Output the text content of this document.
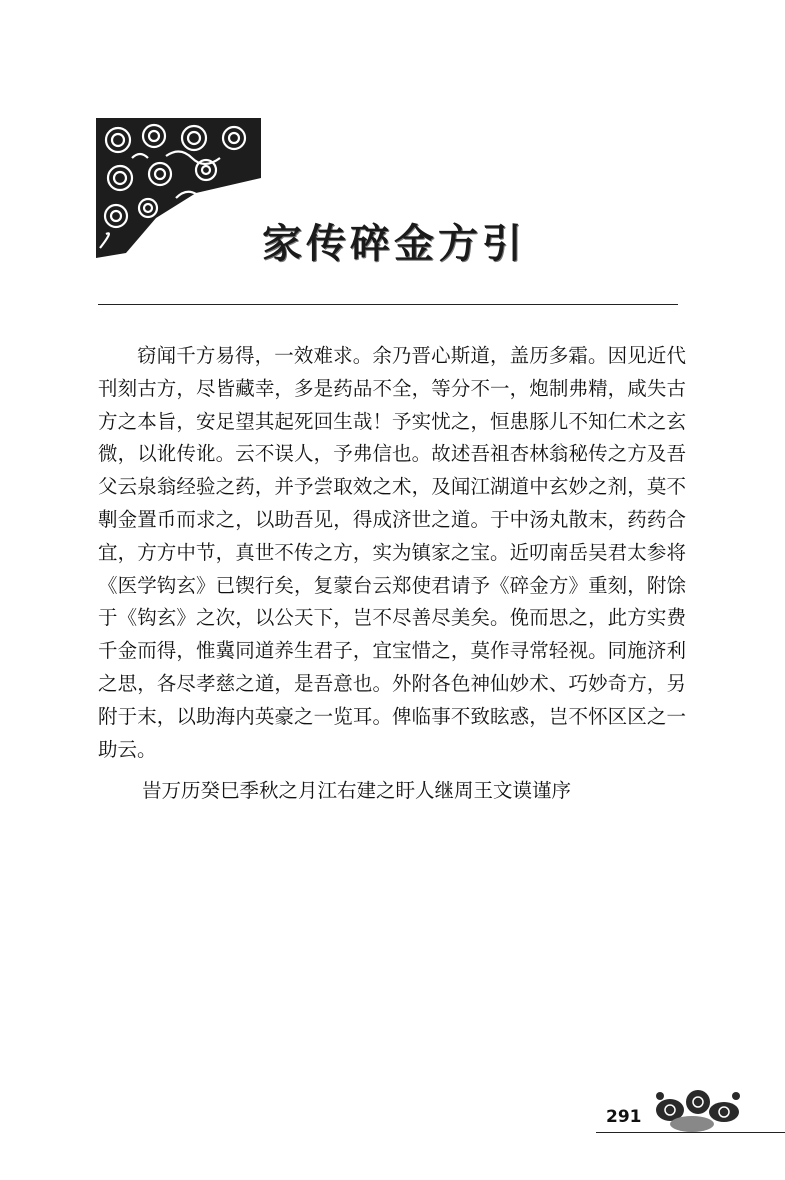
家传碎金方引

窃闻千方易得，一效难求。余乃晋心斯道，盖历多霜。因见近代刊刻古方，尽皆藏幸，多是药品不全，等分不一，炮制弗精，咸失古方之本旨，安足望其起死回生哉！予实忧之，恒患豚儿不知仁术之玄微，以讹传讹。云不误人，予弗信也。故述吾祖杏林翁秘传之方及吾父云泉翁经验之药，并予尝取效之术，及闻江湖道中玄妙之剂，莫不剸金置币而求之，以助吾见，得成济世之道。于中汤丸散末，药药合宜，方方中节，真世不传之方，实为镇家之宝。近叨南岳吴君太参将《医学钩玄》已锲行矣，复蒙台云郑使君请予《碎金方》重刻，附馀于《钩玄》之次，以公天下，岂不尽善尽美矣。俛而思之，此方实费千金而得，惟冀同道养生君子，宜宝惜之，莫作寻常轻视。同施济利之思，各尽孝慈之道，是吾意也。外附各色神仙妙术、巧妙奇方，另附于末，以助海内英豪之一览耳。俾临事不致眩惑，岂不怀区区之一助云。

旹万历癸巳季秋之月江右建之盱人继周王文谟谨序
291
